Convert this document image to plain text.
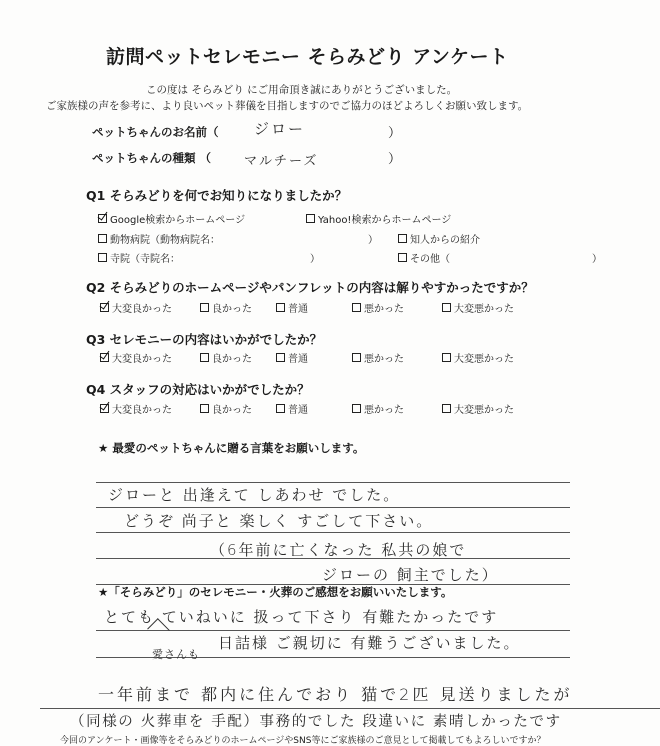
訪問ペットセレモニー そらみどり アンケート
この度は そらみどり にご用命頂き誠にありがとうございました。
ご家族様の声を参考に、より良いペット葬儀を目指しますのでご協力のほどよろしくお願い致します。
ペットちゃんのお名前（ ジロー	）
ペットちゃんの種類 （	マルチーズ	）
Q1 そらみどりを何でお知りになりましたか？
Google検索からホームページ	Yahoo!検索からホームページ
動物病院（動物病院名：	）	知人からの紹介
寺院（寺院名：	）	その他（	）
Q2 そらみどりのホームページやパンフレットの内容は解りやすかったですか？
大変良かった	良かった	普通	悪かった	大変悪かった
Q3 セレモニーの内容はいかがでしたか？
大変良かった	良かった	普通	悪かった	大変悪かった
Q4 スタッフの対応はいかがでしたか？
大変良かった	良かった	普通	悪かった	大変悪かった
★ 最愛のペットちゃんに贈る言葉をお願いします。
ジローと 出逢えて しあわせ でした。
どうぞ 尚子と 楽しく すごして下さい。
（6年前に亡くなった 私共の娘で
ジローの 飼主でした）
★「そらみどり」のセレモニー・火葬のご感想をお願いいたします。
とても ていねいに 扱って下さり 有難たかったです
愛さんも
日詰様 ご親切に 有難うございました。
一年前まで 都内に住んでおり 猫で2匹 見送りましたが
（同様の 火葬車を 手配）事務的でした 段違いに 素晴しかったです
今回のアンケート・画像等をそらみどりのホームページやSNS等にご家族様のご意見として掲載してもよろしいですか？
